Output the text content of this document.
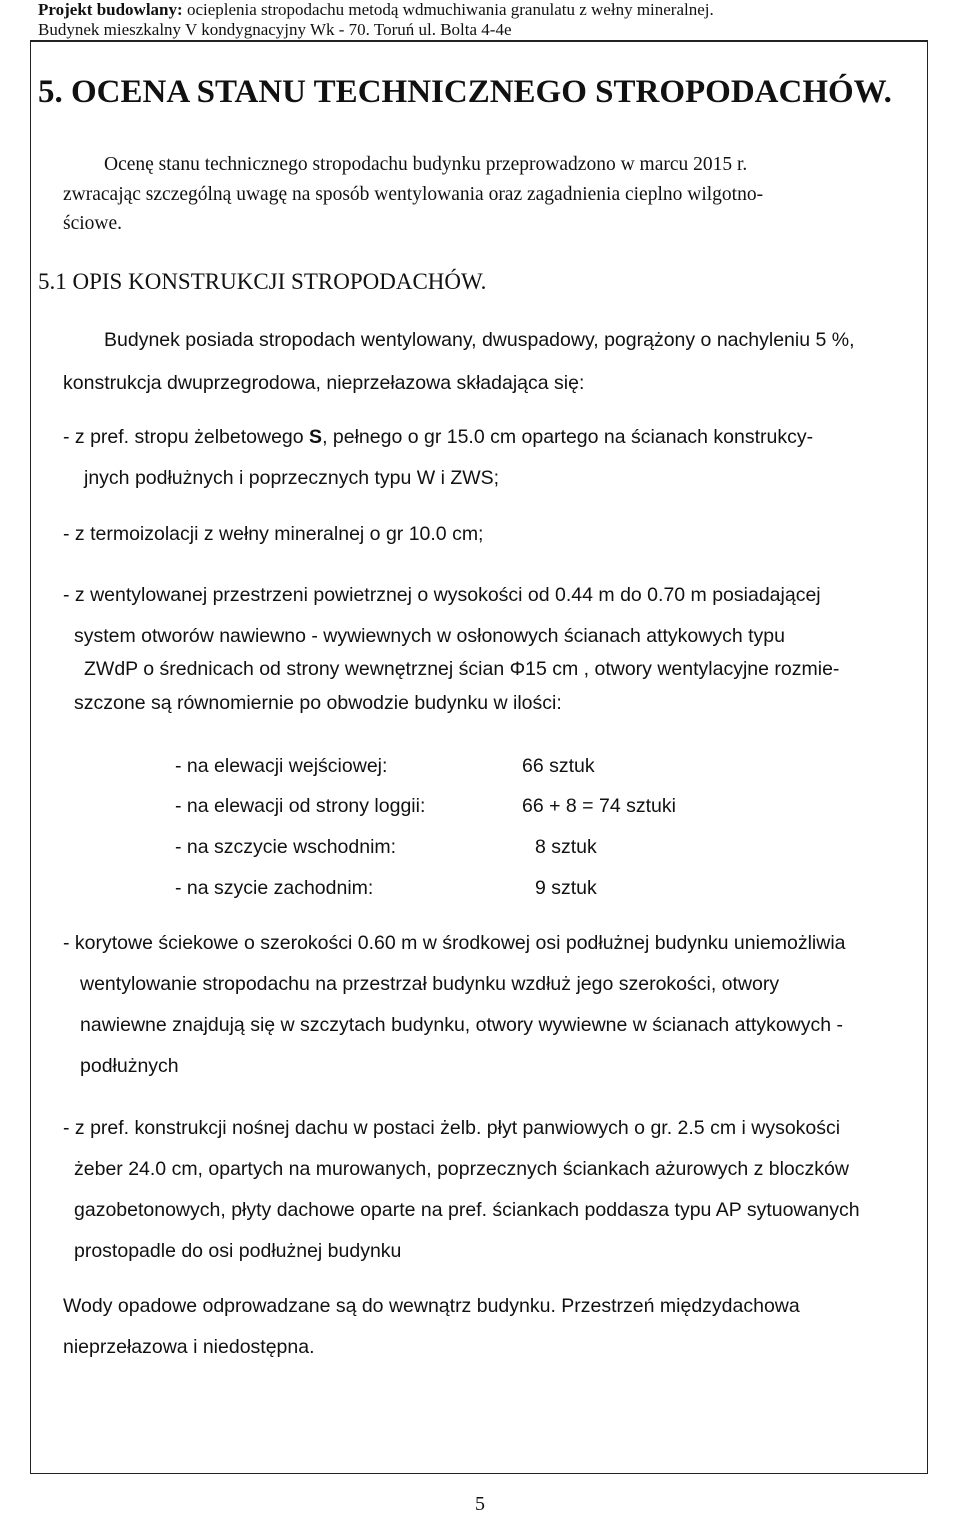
Projekt budowlany: ocieplenia stropodachu metodą wdmuchiwania granulatu z wełny mineralnej.
Budynek mieszkalny V kondygnacyjny Wk - 70. Toruń ul. Bolta 4-4e
5. OCENA STANU TECHNICZNEGO STROPODACHÓW.
Ocenę stanu technicznego stropodachu budynku przeprowadzono w marcu 2015 r.
zwracając szczególną uwagę na sposób wentylowania oraz zagadnienia cieplno wilgotno-
ściowe.
5.1 OPIS KONSTRUKCJI STROPODACHÓW.
Budynek posiada stropodach wentylowany, dwuspadowy, pogrążony o nachyleniu 5 %,
konstrukcja dwuprzegrodowa, nieprzełazowa składająca się:
- z pref. stropu żelbetowego S, pełnego o gr 15.0 cm opartego na ścianach konstrukcy-
jnych podłużnych i poprzecznych typu W i ZWS;
- z termoizolacji z wełny mineralnej o gr 10.0 cm;
- z wentylowanej przestrzeni powietrznej o wysokości od 0.44 m do 0.70 m posiadającej
system otworów nawiewno - wywiewnych w osłonowych ścianach attykowych typu
ZWdP o średnicach od strony wewnętrznej ścian Φ15 cm , otwory wentylacyjne rozmie-
szczone są równomiernie po obwodzie budynku w ilości:
- na elewacji wejściowej:	66 sztuk
- na elewacji od strony loggii:	66 + 8 = 74 sztuki
- na szczycie wschodnim:	8 sztuk
- na szycie zachodnim:	9 sztuk
- korytowe ściekowe o szerokości 0.60 m w środkowej osi podłużnej budynku uniemożliwia
wentylowanie stropodachu na przestrzał budynku wzdłuż jego szerokości, otwory
nawiewne znajdują się w szczytach budynku, otwory wywiewne w ścianach attykowych -
podłużnych
- z pref. konstrukcji nośnej dachu w postaci żelb. płyt panwiowych o gr. 2.5 cm i wysokości
żeber 24.0 cm, opartych na murowanych, poprzecznych ściankach ażurowych z bloczków
gazobetonowych, płyty dachowe oparte na pref. ściankach poddasza typu AP sytuowanych
prostopadle do osi podłużnej budynku
Wody opadowe odprowadzane są do wewnątrz budynku. Przestrzeń międzydachowa
nieprzełazowa i niedostępna.
5
